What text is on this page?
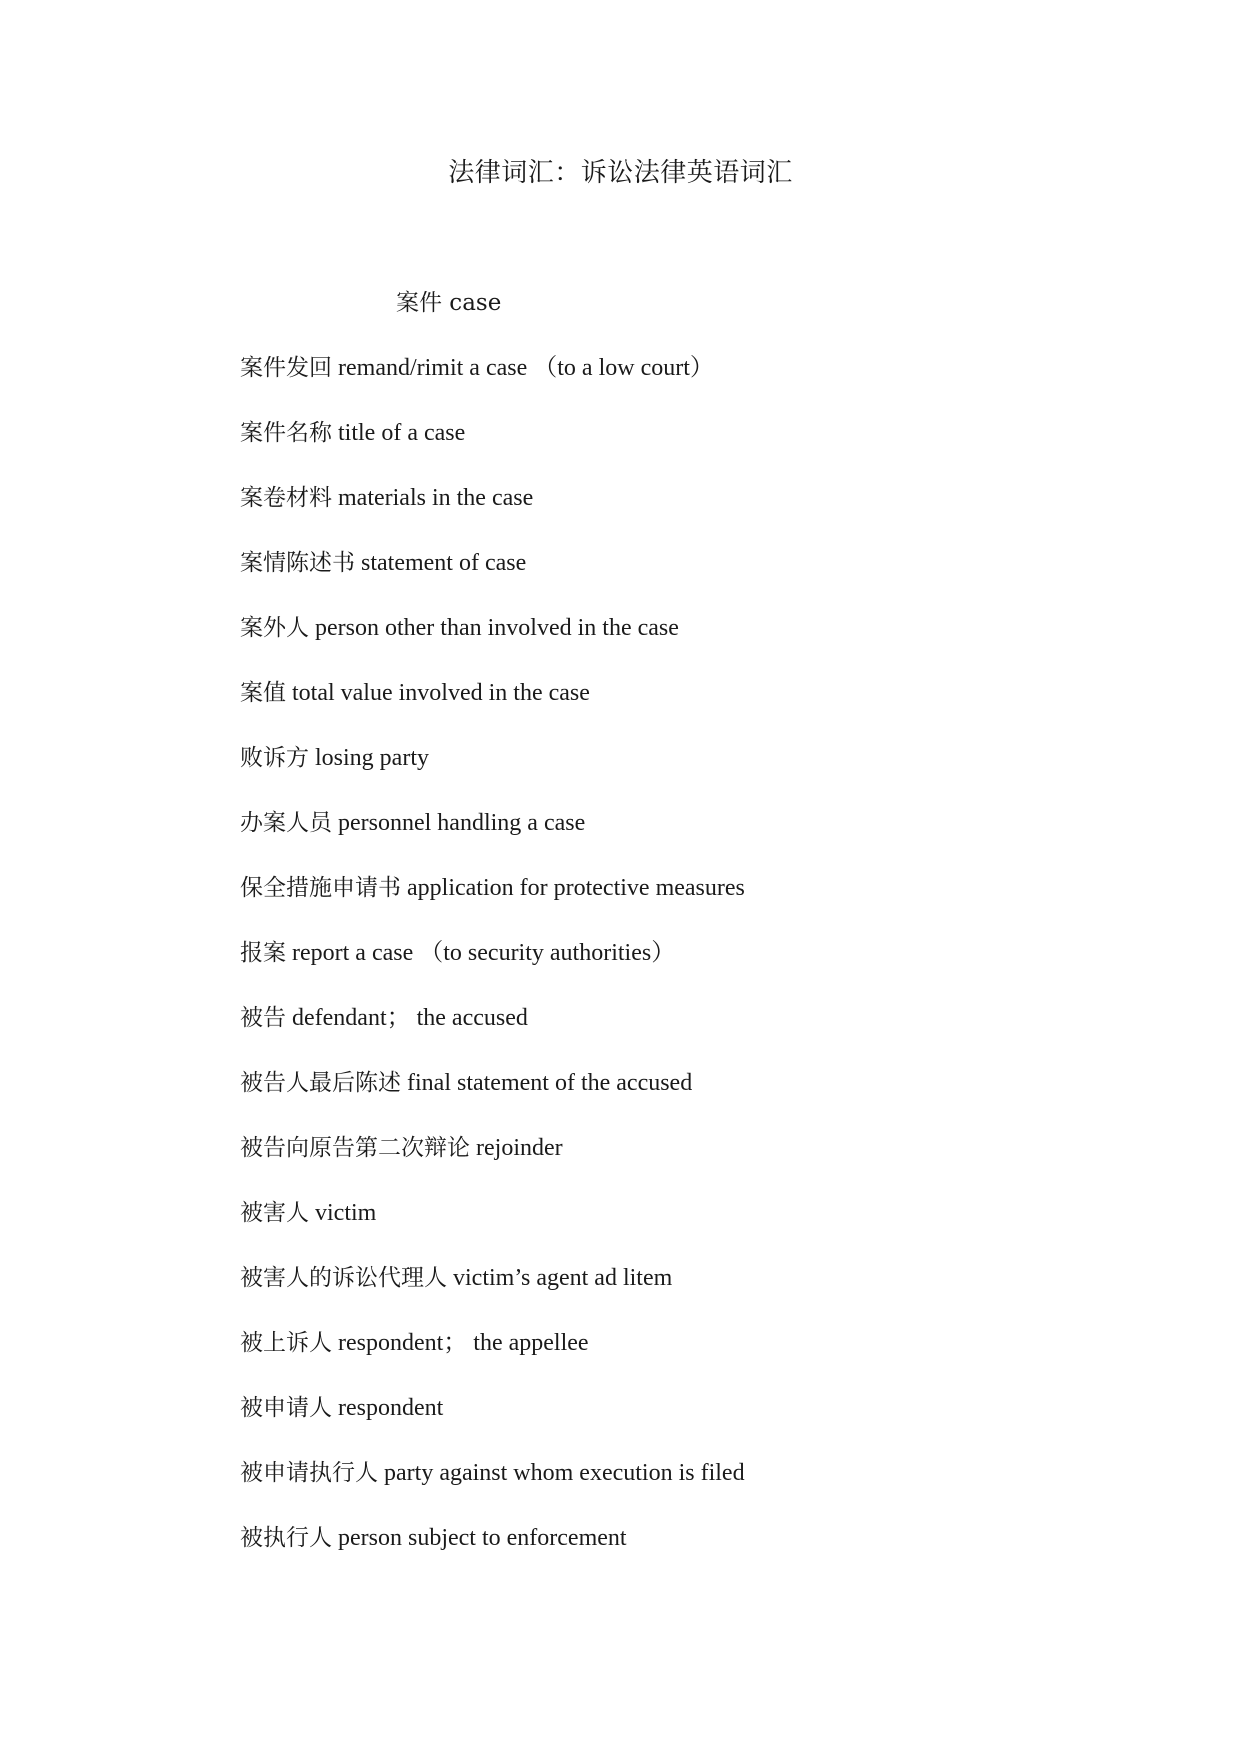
法律词汇：诉讼法律英语词汇
案件 case
案件发回 remand/rimit a case （to a low court）
案件名称 title of a case
案卷材料 materials in the case
案情陈述书 statement of case
案外人 person other than involved in the case
案值 total value involved in the case
败诉方 losing party
办案人员 personnel handling a case
保全措施申请书 application for protective measures
报案 report a case （to security authorities）
被告 defendant； the accused
被告人最后陈述 final statement of the accused
被告向原告第二次辩论 rejoinder
被害人 victim
被害人的诉讼代理人 victim’s agent ad litem
被上诉人 respondent； the appellee
被申请人 respondent
被申请执行人 party against whom execution is filed
被执行人 person subject to enforcement
